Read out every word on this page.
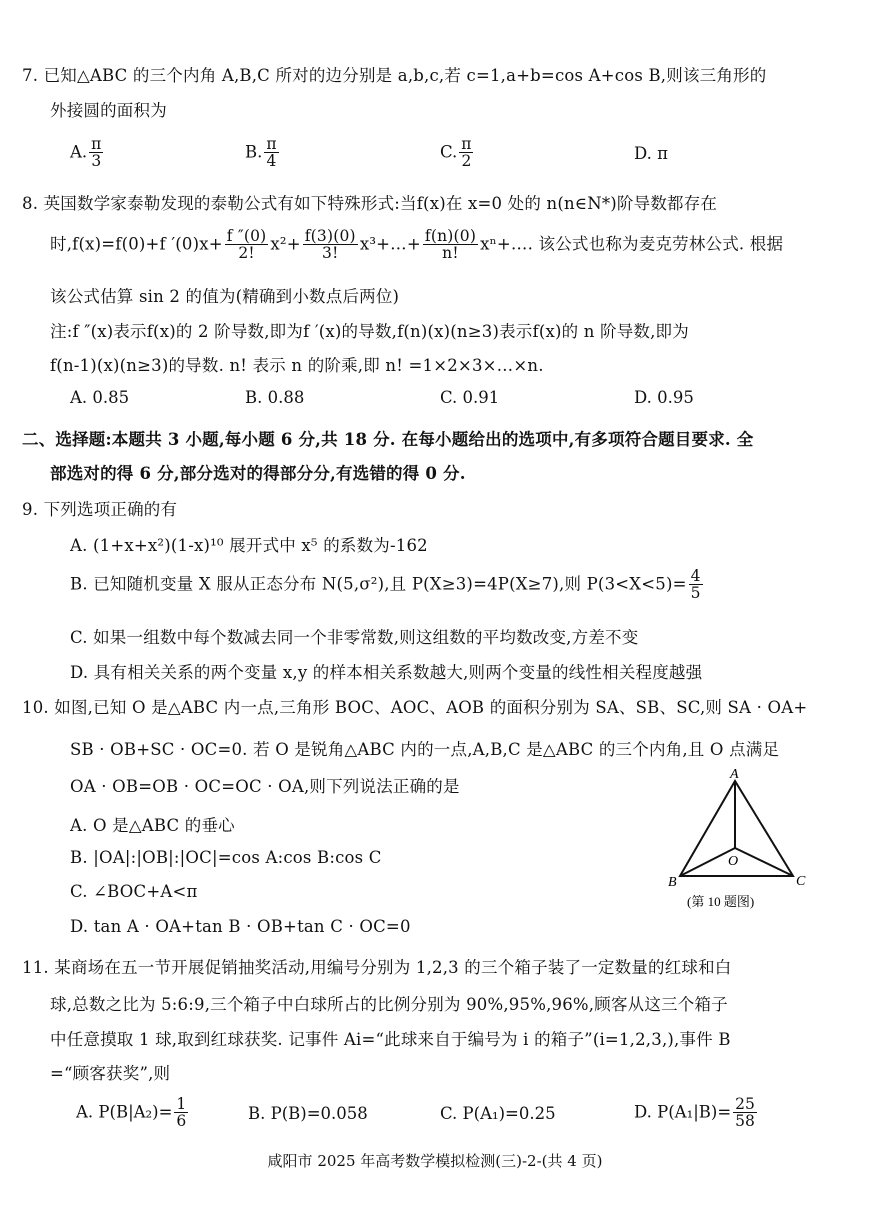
7. 已知△ABC 的三个内角 A,B,C 所对的边分别是 a,b,c,若 c=1,a+b=cos A+cos B,则该三角形的
外接圆的面积为
A. $\frac{\pi}{3}$	B. $\frac{\pi}{4}$	C. $\frac{\pi}{2}$	D. π
8. 英国数学家泰勒发现的泰勒公式有如下特殊形式:当f(x)在 x=0 处的 n(n∈N*)阶导数都存在
时,f(x)=f(0)+f $'(0)x+ \frac{f ''(0)}{2!} x^2+ \frac{f(3)(0)}{3!}$ x³+…+ $\frac{f(n)(0)}{n!}$ xⁿ+…. 该公式也称为麦克劳林公式. 根据
该公式估算 sin 2 的值为(精确到小数点后两位)
注:f ″(x)表示f(x)的 2 阶导数,即为f ′(x)的导数,f(n)(x)(n≥3)表示f(x)的 n 阶导数,即为
f(n-1)(x)(n≥3)的导数. n! 表示 n 的阶乘,即 n! =1×2×3×…×n.
A. 0.85	B. 0.88	C. 0.91	D. 0.95
二、选择题:本题共 3 小题,每小题 6 分,共 18 分. 在每小题给出的选项中,有多项符合题目要求. 全
部选对的得 6 分,部分选对的得部分分,有选错的得 0 分.
9. 下列选项正确的有
A. (1+x+x²)(1-x)¹⁰ 展开式中 x⁵ 的系数为-162
B. 已知随机变量 X 服从正态分布 N(5,σ²),且 P(X≥3)=4P(X≥7),则 $P(3<X<5)= \frac{4}{5}$
C. 如果一组数中每个数减去同一个非零常数,则这组数的平均数改变,方差不变
D. 具有相关关系的两个变量 x,y 的样本相关系数越大,则两个变量的线性相关程度越强
10. 如图,已知 O 是△ABC 内一点,三角形 BOC、AOC、AOB 的面积分别为 SA、SB、SC,则 SA · OA+
SB · OB+SC · OC=0. 若 O 是锐角△ABC 内的一点,A,B,C 是△ABC 的三个内角,且 O 点满足
OA · OB=OB · OC=OC · OA,则下列说法正确的是
A. O 是△ABC 的垂心
B. |OA|:|OB|:|OC|=cos A:cos B:cos C
C. ∠BOC+A<π
D. tan A · OA+tan B · OB+tan C · OC=0
A
B	C
O
(第 10 题图)
11. 某商场在五一节开展促销抽奖活动,用编号分别为 1,2,3 的三个箱子装了一定数量的红球和白
球,总数之比为 5:6:9,三个箱子中白球所占的比例分别为 90%,95%,96%,顾客从这三个箱子
中任意摸取 1 球,取到红球获奖. 记事件 Ai=“此球来自于编号为 i 的箱子”(i=1,2,3,),事件 B
=“顾客获奖”,则
A. $P(B|A_2)= \frac{1}{6}$	B. P(B)=0.058	C. P(A₁)=0.25	D. $P(A_1|B)= \frac{25}{58}$
咸阳市 2025 年高考数学模拟检测(三)-2-(共 4 页)
